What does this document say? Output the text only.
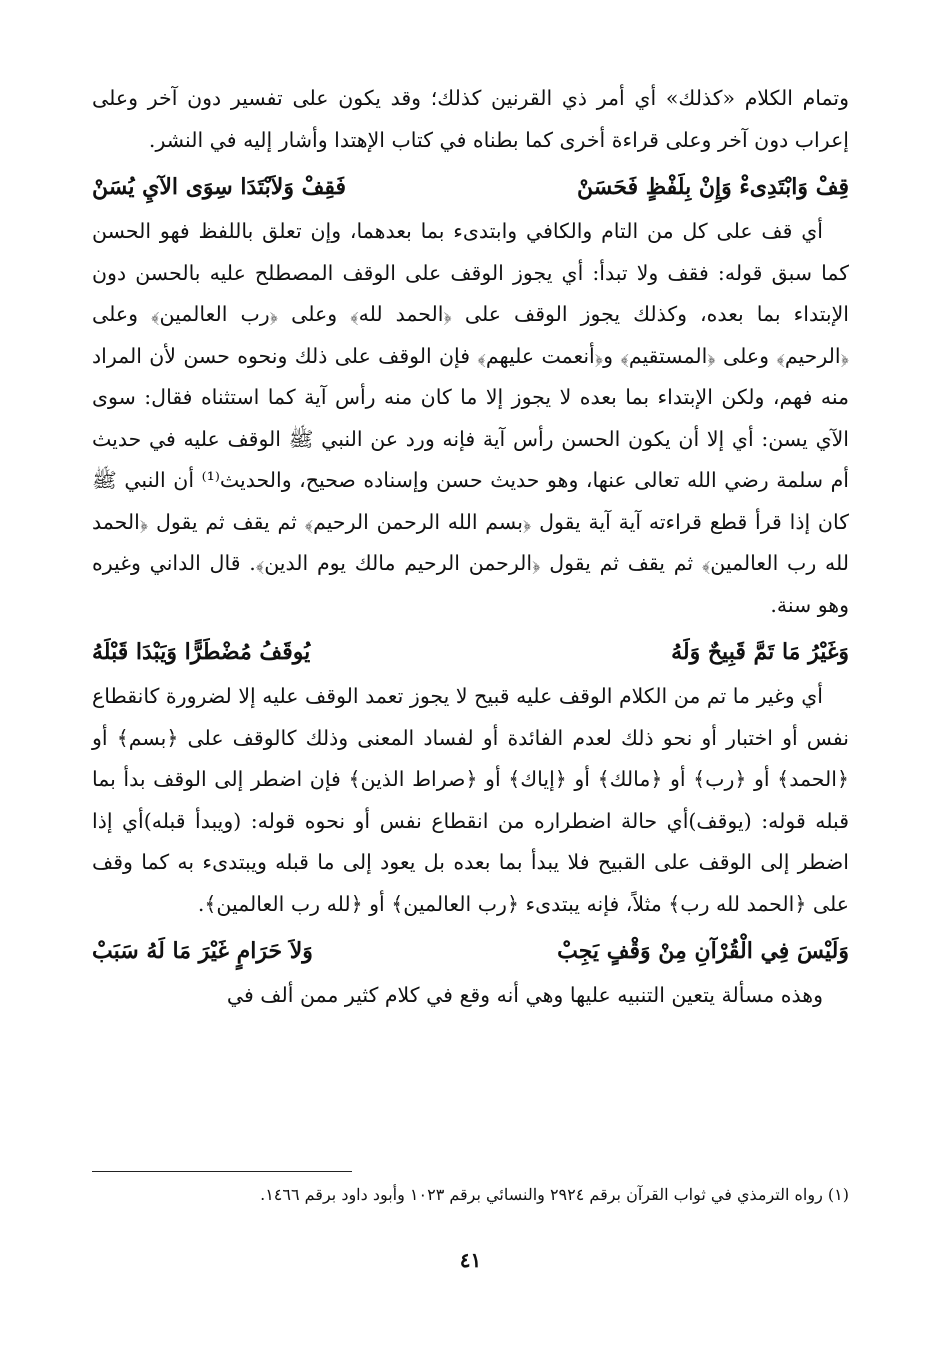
وتمام الكلام «كذلك» أي أمر ذي القرنين كذلك؛ وقد يكون على تفسير دون آخر وعلى إعراب دون آخر وعلى قراءة أخرى كما بطناه في كتاب الإهتدا وأشار إليه في النشر.

قِفْ وَابْتَدِىءْ وَإِنْ بِلَفْظٍ فَحَسَنْ
فَقِفْ وَلاَبْتَدَا سِوَى الآيِ يُسَنْ

أي قف على كل من التام والكافي وابتدىء بما بعدهما، وإن تعلق باللفظ فهو الحسن كما سبق قوله: فقف ولا تبدأ: أي يجوز الوقف على الوقف المصطلح عليه بالحسن دون الإبتداء بما بعده، وكذلك يجوز الوقف على ﴿الحمد لله﴾ وعلى ﴿رب العالمين﴾ وعلى ﴿الرحيم﴾ وعلى ﴿المستقيم﴾ و﴿أنعمت عليهم﴾ فإن الوقف على ذلك ونحوه حسن لأن المراد منه فهم، ولكن الإبتداء بما بعده لا يجوز إلا ما كان منه رأس آية كما استثناه فقال: سوى الآي يسن: أي إلا أن يكون الحسن رأس آية فإنه ورد عن النبي ﷺ الوقف عليه في حديث أم سلمة رضي الله تعالى عنها، وهو حديث حسن وإسناده صحيح، والحديث⁽¹⁾ أن النبي ﷺ كان إذا قرأ قطع قراءته آية آية يقول ﴿بسم الله الرحمن الرحيم﴾ ثم يقف ثم يقول ﴿الحمد لله رب العالمين﴾ ثم يقف ثم يقول ﴿الرحمن الرحيم مالك يوم الدين﴾. قال الداني وغيره وهو سنة.

وَغَيْرُ مَا تَمَّ قَبِيحٌ وَلَهُ
يُوقَفُ مُضْطَرًّا وَيَبْدَا قَبْلَهُ

أي وغير ما تم من الكلام الوقف عليه قبيح لا يجوز تعمد الوقف عليه إلا لضرورة كانقطاع نفس أو اختبار أو نحو ذلك لعدم الفائدة أو لفساد المعنى وذلك كالوقف على ﴿بسم﴾ أو ﴿الحمد﴾ أو ﴿رب﴾ أو ﴿مالك﴾ أو ﴿إياك﴾ أو ﴿صراط الذين﴾ فإن اضطر إلى الوقف بدأ بما قبله قوله: (يوقف)أي حالة اضطراره من انقطاع نفس أو نحوه قوله: (ويبدأ قبله)أي إذا اضطر إلى الوقف على القبيح فلا يبدأ بما بعده بل يعود إلى ما قبله ويبتدىء به كما وقف على ﴿الحمد لله رب﴾ مثلاً، فإنه يبتدىء ﴿رب العالمين﴾ أو ﴿لله رب العالمين﴾.

وَلَيْسَ فِي الْقُرْآنِ مِنْ وَقْفٍ يَجِبْ
وَلاَ حَرَامٍ غَيْرَ مَا لَهُ سَبَبْ

وهذه مسألة يتعين التنبيه عليها وهي أنه وقع في كلام كثير ممن ألف في

(١) رواه الترمذي في ثواب القرآن برقم ٢٩٢٤ والنسائي برقم ١٠٢٣ وأبود داود برقم ١٤٦٦.

٤١
